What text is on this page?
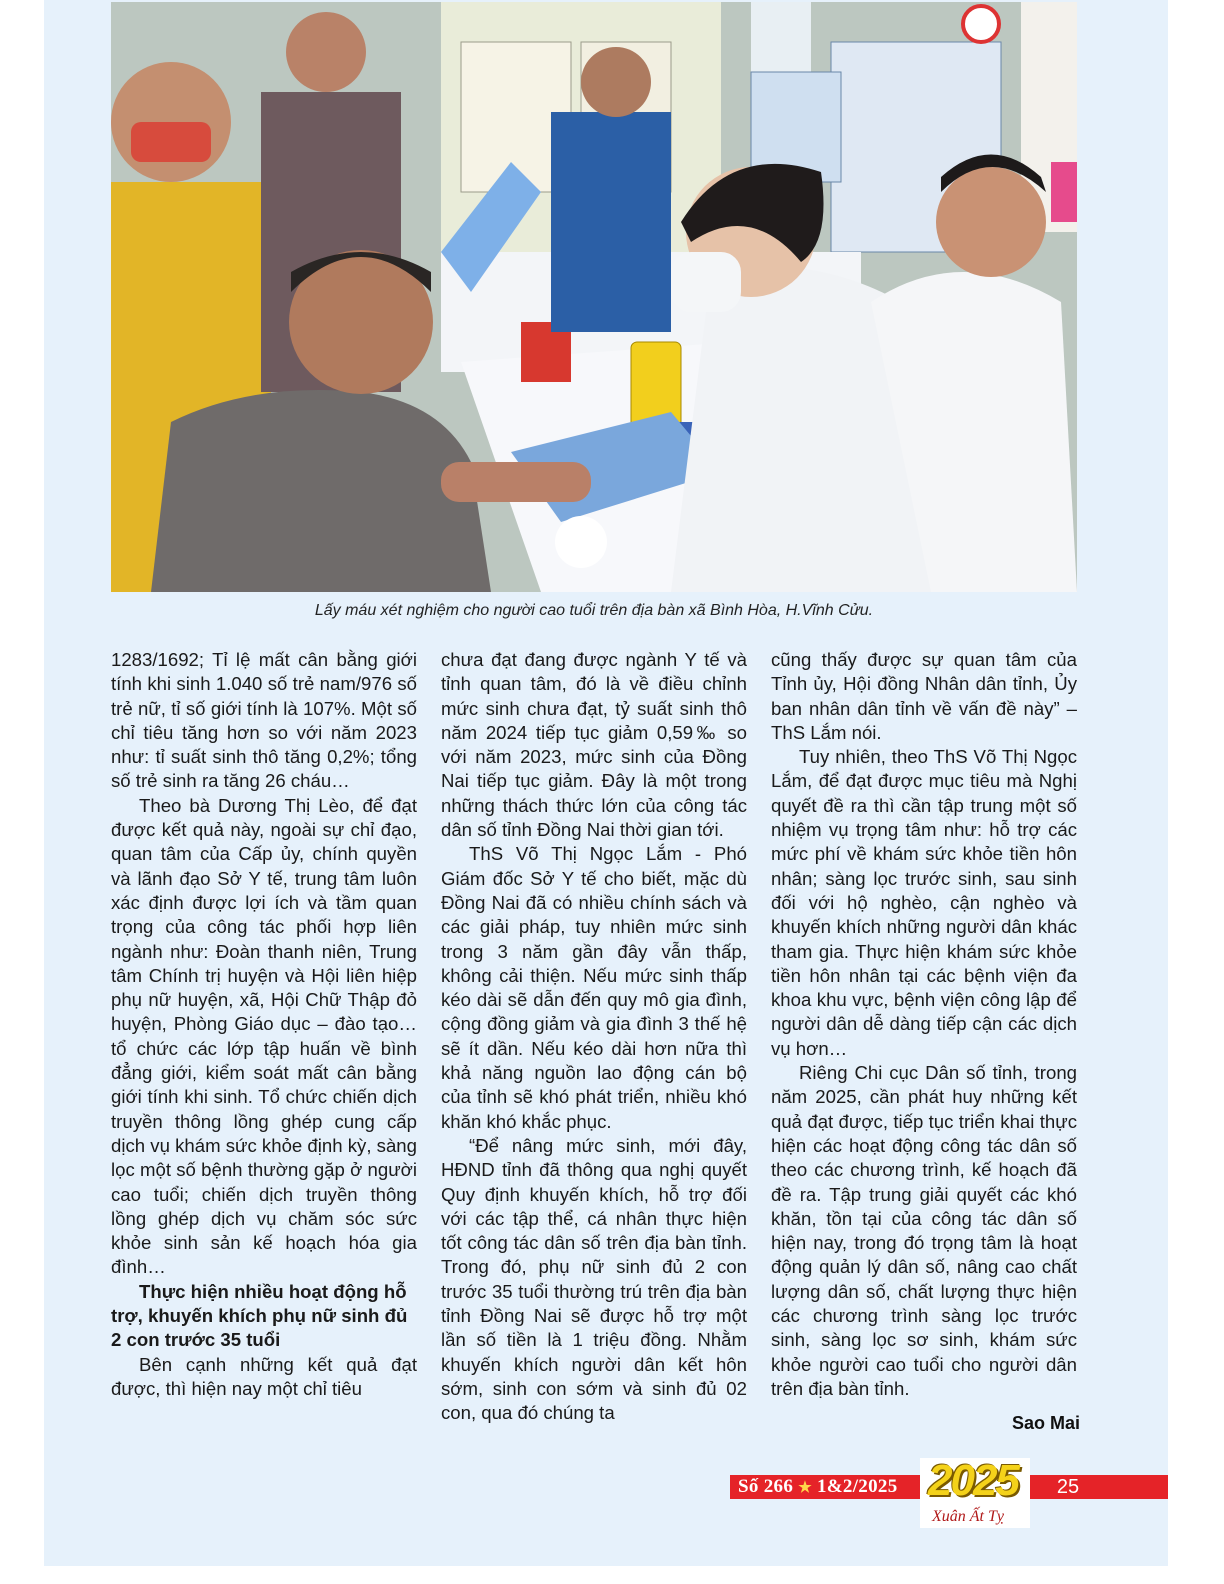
Lấy máu xét nghiệm cho người cao tuổi trên địa bàn xã Bình Hòa, H.Vĩnh Cửu.

1283/1692; Tỉ lệ mất cân bằng giới tính khi sinh 1.040 số trẻ nam/976 số trẻ nữ, tỉ số giới tính là 107%. Một số chỉ tiêu tăng hơn so với năm 2023 như: tỉ suất sinh thô tăng 0,2%; tổng số trẻ sinh ra tăng 26 cháu…

Theo bà Dương Thị Lèo, để đạt được kết quả này, ngoài sự chỉ đạo, quan tâm của Cấp ủy, chính quyền và lãnh đạo Sở Y tế, trung tâm luôn xác định được lợi ích và tầm quan trọng của công tác phối hợp liên ngành như: Đoàn thanh niên, Trung tâm Chính trị huyện và Hội liên hiệp phụ nữ huyện, xã, Hội Chữ Thập đỏ huyện, Phòng Giáo dục – đào tạo… tổ chức các lớp tập huấn về bình đẳng giới, kiểm soát mất cân bằng giới tính khi sinh. Tổ chức chiến dịch truyền thông lồng ghép cung cấp dịch vụ khám sức khỏe định kỳ, sàng lọc một số bệnh thường gặp ở người cao tuổi; chiến dịch truyền thông lồng ghép dịch vụ chăm sóc sức khỏe sinh sản kế hoạch hóa gia đình…

Thực hiện nhiều hoạt động hỗ trợ, khuyến khích phụ nữ sinh đủ 2 con trước 35 tuổi

Bên cạnh những kết quả đạt được, thì hiện nay một chỉ tiêu

chưa đạt đang được ngành Y tế và tỉnh quan tâm, đó là về điều chỉnh mức sinh chưa đạt, tỷ suất sinh thô năm 2024 tiếp tục giảm 0,59‰ so với năm 2023, mức sinh của Đồng Nai tiếp tục giảm. Đây là một trong những thách thức lớn của công tác dân số tỉnh Đồng Nai thời gian tới.

ThS Võ Thị Ngọc Lắm - Phó Giám đốc Sở Y tế cho biết, mặc dù Đồng Nai đã có nhiều chính sách và các giải pháp, tuy nhiên mức sinh trong 3 năm gần đây vẫn thấp, không cải thiện. Nếu mức sinh thấp kéo dài sẽ dẫn đến quy mô gia đình, cộng đồng giảm và gia đình 3 thế hệ sẽ ít dần. Nếu kéo dài hơn nữa thì khả năng nguồn lao động cán bộ của tỉnh sẽ khó phát triển, nhiều khó khăn khó khắc phục.

“Để nâng mức sinh, mới đây, HĐND tỉnh đã thông qua nghị quyết Quy định khuyến khích, hỗ trợ đối với các tập thể, cá nhân thực hiện tốt công tác dân số trên địa bàn tỉnh. Trong đó, phụ nữ sinh đủ 2 con trước 35 tuổi thường trú trên địa bàn tỉnh Đồng Nai sẽ được hỗ trợ một lần số tiền là 1 triệu đồng. Nhằm khuyến khích người dân kết hôn sớm, sinh con sớm và sinh đủ 02 con, qua đó chúng ta

cũng thấy được sự quan tâm của Tỉnh ủy, Hội đồng Nhân dân tỉnh, Ủy ban nhân dân tỉnh về vấn đề này” – ThS Lắm nói.

Tuy nhiên, theo ThS Võ Thị Ngọc Lắm, để đạt được mục tiêu mà Nghị quyết đề ra thì cần tập trung một số nhiệm vụ trọng tâm như: hỗ trợ các mức phí về khám sức khỏe tiền hôn nhân; sàng lọc trước sinh, sau sinh đối với hộ nghèo, cận nghèo và khuyến khích những người dân khác tham gia. Thực hiện khám sức khỏe tiền hôn nhân tại các bệnh viện đa khoa khu vực, bệnh viện công lập để người dân dễ dàng tiếp cận các dịch vụ hơn…

Riêng Chi cục Dân số tỉnh, trong năm 2025, cần phát huy những kết quả đạt được, tiếp tục triển khai thực hiện các hoạt động công tác dân số theo các chương trình, kế hoạch đã đề ra. Tập trung giải quyết các khó khăn, tồn tại của công tác dân số hiện nay, trong đó trọng tâm là hoạt động quản lý dân số, nâng cao chất lượng dân số, chất lượng thực hiện các chương trình sàng lọc trước sinh, sàng lọc sơ sinh, khám sức khỏe người cao tuổi cho người dân trên địa bàn tỉnh.

Sao Mai
Số 266 ★ 1&2/2025 2025
Xuân Ất Tỵ
25
